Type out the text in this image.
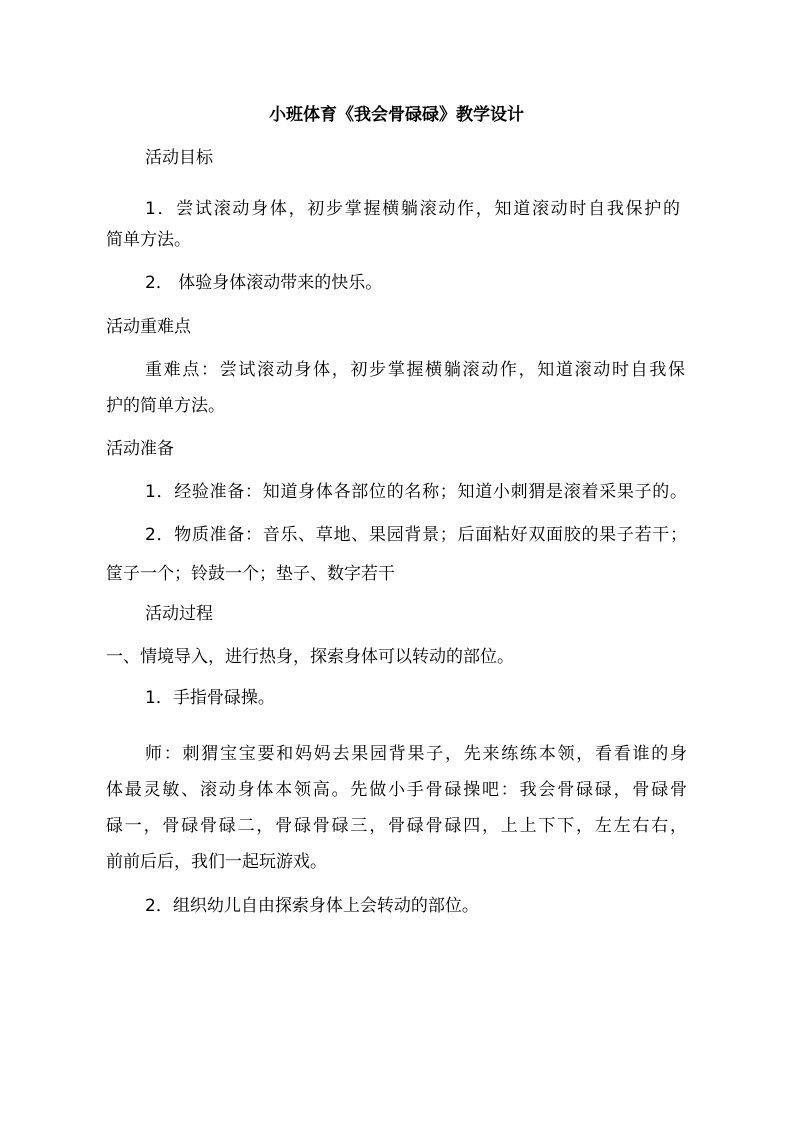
小班体育《我会骨碌碌》教学设计
活动目标
1．尝试滚动身体，初步掌握横躺滚动作，知道滚动时自我保护的
简单方法。
2． 体验身体滚动带来的快乐。
活动重难点
重难点：尝试滚动身体，初步掌握横躺滚动作，知道滚动时自我保
护的简单方法。
活动准备
1．经验准备：知道身体各部位的名称；知道小刺猬是滚着采果子的。
2．物质准备：音乐、草地、果园背景；后面粘好双面胶的果子若干；
筐子一个；铃鼓一个；垫子、数字若干
活动过程
一、情境导入，进行热身，探索身体可以转动的部位。
1．手指骨碌操。
师：刺猬宝宝要和妈妈去果园背果子，先来练练本领，看看谁的身
体最灵敏、滚动身体本领高。先做小手骨碌操吧：我会骨碌碌，骨碌骨
碌一，骨碌骨碌二，骨碌骨碌三，骨碌骨碌四，上上下下，左左右右，
前前后后，我们一起玩游戏。
2．组织幼儿自由探索身体上会转动的部位。
